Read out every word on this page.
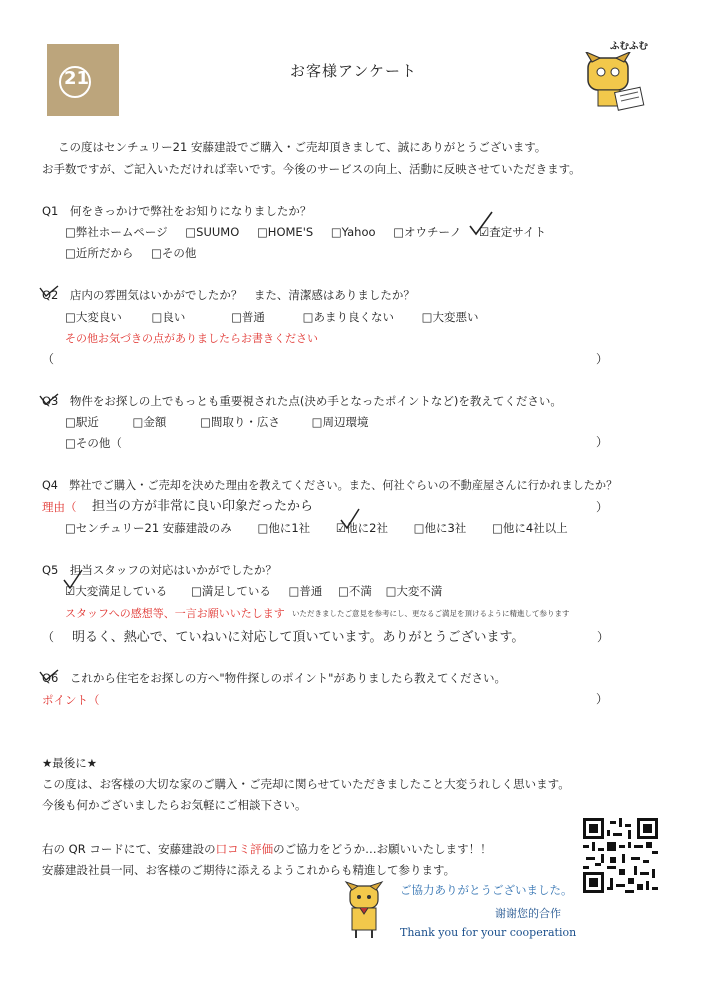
21	お客様アンケート
ふむふむ
この度はセンチュリー21 安藤建設でご購入・ご売却頂きまして、誠にありがとうございます。
お手数ですが、ご記入いただければ幸いです。今後のサービスの向上、活動に反映させていただきます。
Q1　何をきっかけで弊社をお知りになりましたか？
□弊社ホームページ □SUUMO □HOME'S □Yahoo □オウチーノ ☑査定サイト
□近所だから □その他
Q2　店内の雰囲気はいかがでしたか？　また、清潔感はありましたか？
□大変良い	□良い	□普通	□あまり良くない □大変悪い
その他お気づきの点がありましたらお書きください
（	）
Q3　物件をお探しの上でもっとも重要視された点(決め手となったポイントなど)を教えてください。
□駅近	□金額	□間取り・広さ	□周辺環境
□その他（	）
Q4　弊社でご購入・ご売却を決めた理由を教えてください。また、何社ぐらいの不動産屋さんに行かれましたか？
理由（ 担当の方が非常に良い印象だったから	）
□センチュリー21 安藤建設のみ □他に1社 ☑他に2社 □他に3社 □他に4社以上
Q5　担当スタッフの対応はいかがでしたか？
☑大変満足している □満足している □普通 □不満 □大変不満
スタッフへの感想等、一言お願いいたします いただきましたご意見を参考にし、更なるご満足を頂けるように精進して参ります
（ 明るく、熱心で、ていねいに対応して頂いています。ありがとうございます。	）
Q6　これから住宅をお探しの方へ"物件探しのポイント"がありましたら教えてください。
ポイント（	）
★最後に★
この度は、お客様の大切な家のご購入・ご売却に関らせていただきましたこと大変うれしく思います。
今後も何かございましたらお気軽にご相談下さい。
右の QR コードにて、安藤建設の口コミ評価のご協力をどうか…お願いいたします！！
安藤建設社員一同、お客様のご期待に添えるようこれからも精進して参ります。
ご協力ありがとうございました。
谢谢您的合作
Thank you for your cooperation
